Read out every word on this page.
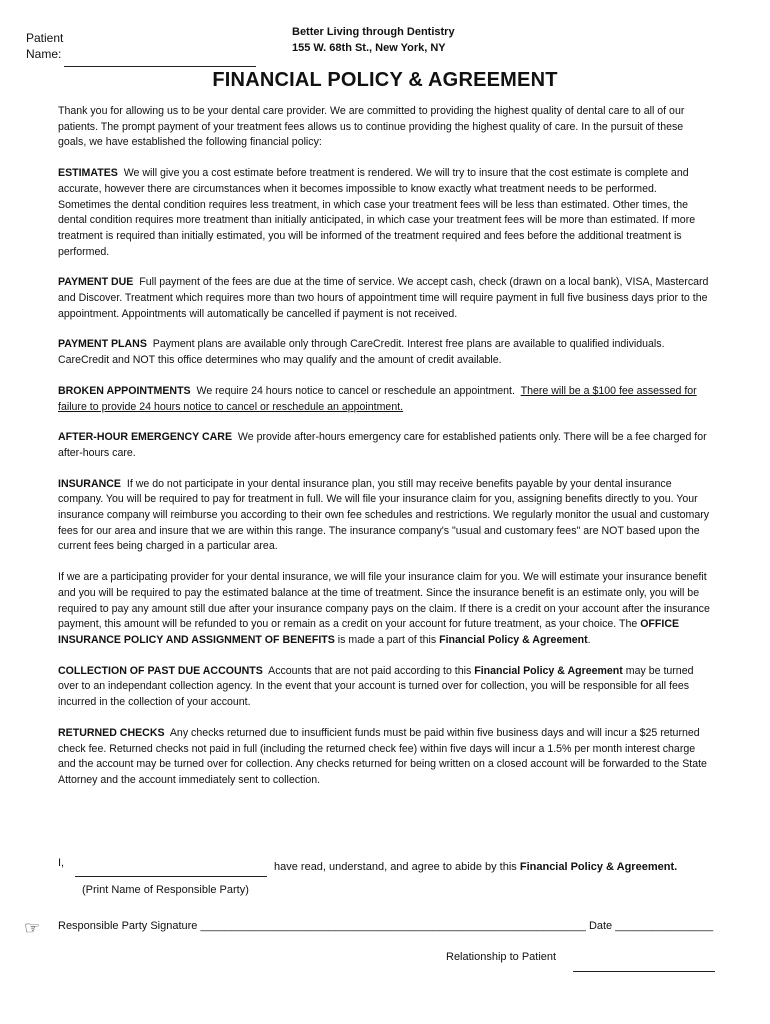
Patient
Name:
Better Living through Dentistry
155 W. 68th St., New York, NY
FINANCIAL POLICY & AGREEMENT

Thank you for allowing us to be your dental care provider. We are committed to providing the highest quality of dental care to all of our patients. The prompt payment of your treatment fees allows us to continue providing the highest quality of care. In the pursuit of these goals, we have established the following financial policy:

ESTIMATES We will give you a cost estimate before treatment is rendered. We will try to insure that the cost estimate is complete and accurate, however there are circumstances when it becomes impossible to know exactly what treatment needs to be performed. Sometimes the dental condition requires less treatment, in which case your treatment fees will be less than estimated. Other times, the dental condition requires more treatment than initially anticipated, in which case your treatment fees will be more than estimated. If more treatment is required than initially estimated, you will be informed of the treatment required and fees before the additional treatment is performed.

PAYMENT DUE Full payment of the fees are due at the time of service. We accept cash, check (drawn on a local bank), VISA, Mastercard and Discover. Treatment which requires more than two hours of appointment time will require payment in full five business days prior to the appointment. Appointments will automatically be cancelled if payment is not received.

PAYMENT PLANS Payment plans are available only through CareCredit. Interest free plans are available to qualified individuals. CareCredit and NOT this office determines who may qualify and the amount of credit available.

BROKEN APPOINTMENTS We require 24 hours notice to cancel or reschedule an appointment. There will be a $100 fee assessed for failure to provide 24 hours notice to cancel or reschedule an appointment.

AFTER-HOUR EMERGENCY CARE We provide after-hours emergency care for established patients only. There will be a fee charged for after-hours care.

INSURANCE If we do not participate in your dental insurance plan, you still may receive benefits payable by your dental insurance company. You will be required to pay for treatment in full. We will file your insurance claim for you, assigning benefits directly to you. Your insurance company will reimburse you according to their own fee schedules and restrictions. We regularly monitor the usual and customary fees for our area and insure that we are within this range. The insurance company's "usual and customary fees" are NOT based upon the current fees being charged in a particular area.

If we are a participating provider for your dental insurance, we will file your insurance claim for you. We will estimate your insurance benefit and you will be required to pay the estimated balance at the time of treatment. Since the insurance benefit is an estimate only, you will be required to pay any amount still due after your insurance company pays on the claim. If there is a credit on your account after the insurance payment, this amount will be refunded to you or remain as a credit on your account for future treatment, as your choice. The OFFICE INSURANCE POLICY AND ASSIGNMENT OF BENEFITS is made a part of this Financial Policy & Agreement.

COLLECTION OF PAST DUE ACCOUNTS Accounts that are not paid according to this Financial Policy & Agreement may be turned over to an independant collection agency. In the event that your account is turned over for collection, you will be responsible for all fees incurred in the collection of your account.

RETURNED CHECKS Any checks returned due to insufficient funds must be paid within five business days and will incur a $25 returned check fee. Returned checks not paid in full (including the returned check fee) within five days will incur a 1.5% per month interest charge and the account may be turned over for collection. Any checks returned for being written on a closed account will be forwarded to the State Attorney and the account immediately sent to collection.

I,	have read, understand, and agree to abide by this Financial Policy & Agreement.
(Print Name of Responsible Party)
☞ Responsible Party Signature _______________________________________________________________ Date ________________
Relationship to Patient
